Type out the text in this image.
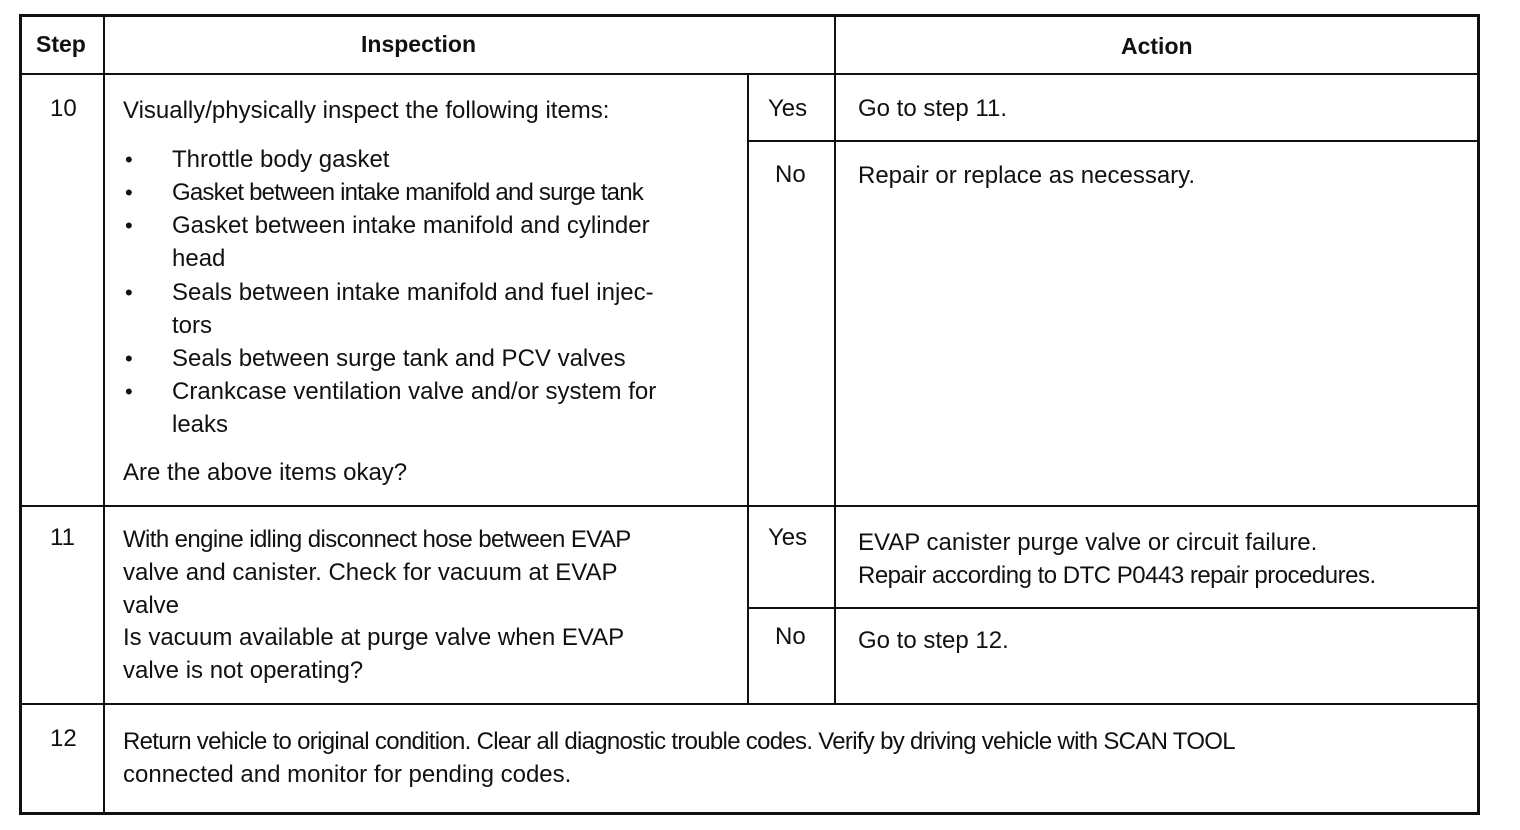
Step	Inspection	Action
10 Visually/physically inspect the following items:
• Throttle body gasket
• Gasket between intake manifold and surge tank
• Gasket between intake manifold and cylinder
head
• Seals between intake manifold and fuel injec-
tors
• Seals between surge tank and PCV valves
• Crankcase ventilation valve and/or system for
leaks
Are the above items okay?
Yes
No
Go to step 11.
Repair or replace as necessary.
11 With engine idling disconnect hose between EVAP
valve and canister. Check for vacuum at EVAP
valve
Is vacuum available at purge valve when EVAP
valve is not operating?
Yes
No
EVAP canister purge valve or circuit failure.
Repair according to DTC P0443 repair procedures.
Go to step 12.
12 Return vehicle to original condition. Clear all diagnostic trouble codes. Verify by driving vehicle with SCAN TOOL
connected and monitor for pending codes.
